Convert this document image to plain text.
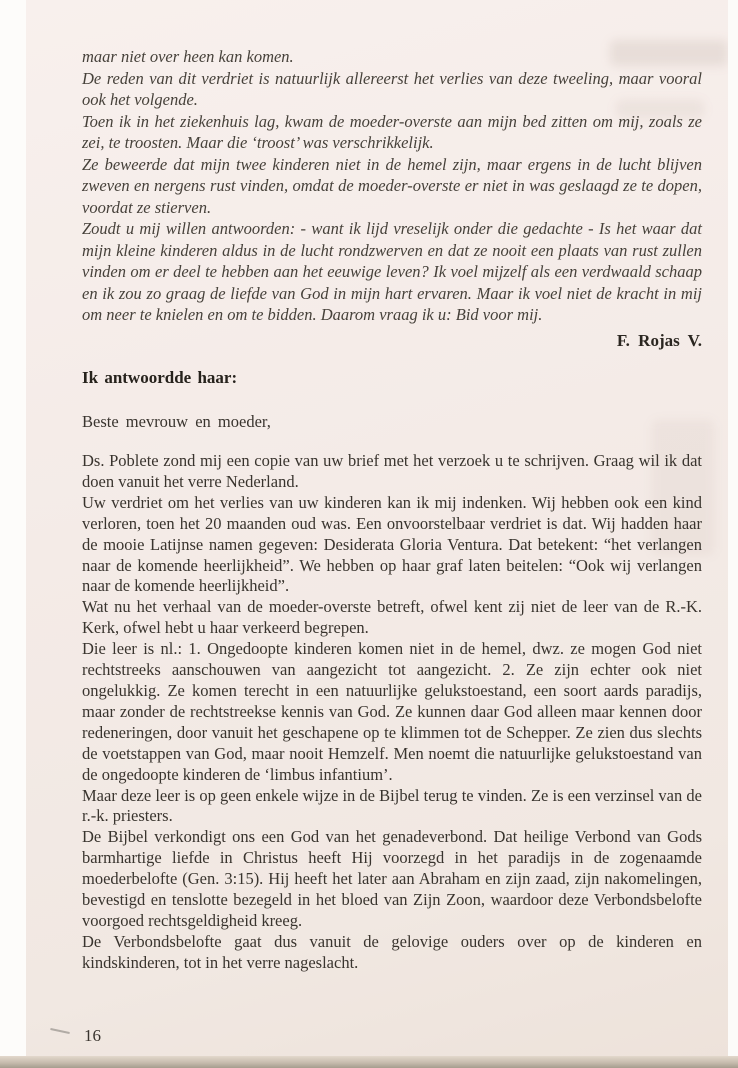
maar niet over heen kan komen.

De reden van dit verdriet is natuurlijk allereerst het verlies van deze tweeling, maar vooral ook het volgende.

Toen ik in het ziekenhuis lag, kwam de moeder-overste aan mijn bed zitten om mij, zoals ze zei, te troosten. Maar die ‘troost’ was verschrikkelijk.

Ze beweerde dat mijn twee kinderen niet in de hemel zijn, maar ergens in de lucht blijven zweven en nergens rust vinden, omdat de moeder-overste er niet in was geslaagd ze te dopen, voordat ze stierven.

Zoudt u mij willen antwoorden: - want ik lijd vreselijk onder die gedachte - Is het waar dat mijn kleine kinderen aldus in de lucht rondzwerven en dat ze nooit een plaats van rust zullen vinden om er deel te hebben aan het eeuwige leven? Ik voel mijzelf als een verdwaald schaap en ik zou zo graag de liefde van God in mijn hart ervaren. Maar ik voel niet de kracht in mij om neer te knielen en om te bidden. Daarom vraag ik u: Bid voor mij.

F. Rojas V.

Ik antwoordde haar:

Beste mevrouw en moeder,

Ds. Poblete zond mij een copie van uw brief met het verzoek u te schrijven. Graag wil ik dat doen vanuit het verre Nederland.

Uw verdriet om het verlies van uw kinderen kan ik mij indenken. Wij hebben ook een kind verloren, toen het 20 maanden oud was. Een onvoorstelbaar verdriet is dat. Wij hadden haar de mooie Latijnse namen gegeven: Desiderata Gloria Ventura. Dat betekent: “het verlangen naar de komende heerlijkheid”. We hebben op haar graf laten beitelen: “Ook wij verlangen naar de komende heerlijkheid”.

Wat nu het verhaal van de moeder-overste betreft, ofwel kent zij niet de leer van de R.-K. Kerk, ofwel hebt u haar verkeerd begrepen.

Die leer is nl.: 1. Ongedoopte kinderen komen niet in de hemel, dwz. ze mogen God niet rechtstreeks aanschouwen van aangezicht tot aangezicht. 2. Ze zijn echter ook niet ongelukkig. Ze komen terecht in een natuurlijke gelukstoestand, een soort aards paradijs, maar zonder de rechtstreekse kennis van God. Ze kunnen daar God alleen maar kennen door redeneringen, door vanuit het geschapene op te klimmen tot de Schepper. Ze zien dus slechts de voetstappen van God, maar nooit Hemzelf. Men noemt die natuurlijke gelukstoestand van de ongedoopte kinderen de ‘limbus infantium’.

Maar deze leer is op geen enkele wijze in de Bijbel terug te vinden. Ze is een verzinsel van de r.-k. priesters.

De Bijbel verkondigt ons een God van het genadeverbond. Dat heilige Verbond van Gods barmhartige liefde in Christus heeft Hij voorzegd in het paradijs in de zogenaamde moederbelofte (Gen. 3:15). Hij heeft het later aan Abraham en zijn zaad, zijn nakomelingen, bevestigd en tenslotte bezegeld in het bloed van Zijn Zoon, waardoor deze Verbondsbelofte voorgoed rechtsgeldigheid kreeg.

De Verbondsbelofte gaat dus vanuit de gelovige ouders over op de kinderen en kindskinderen, tot in het verre nageslacht.

16
